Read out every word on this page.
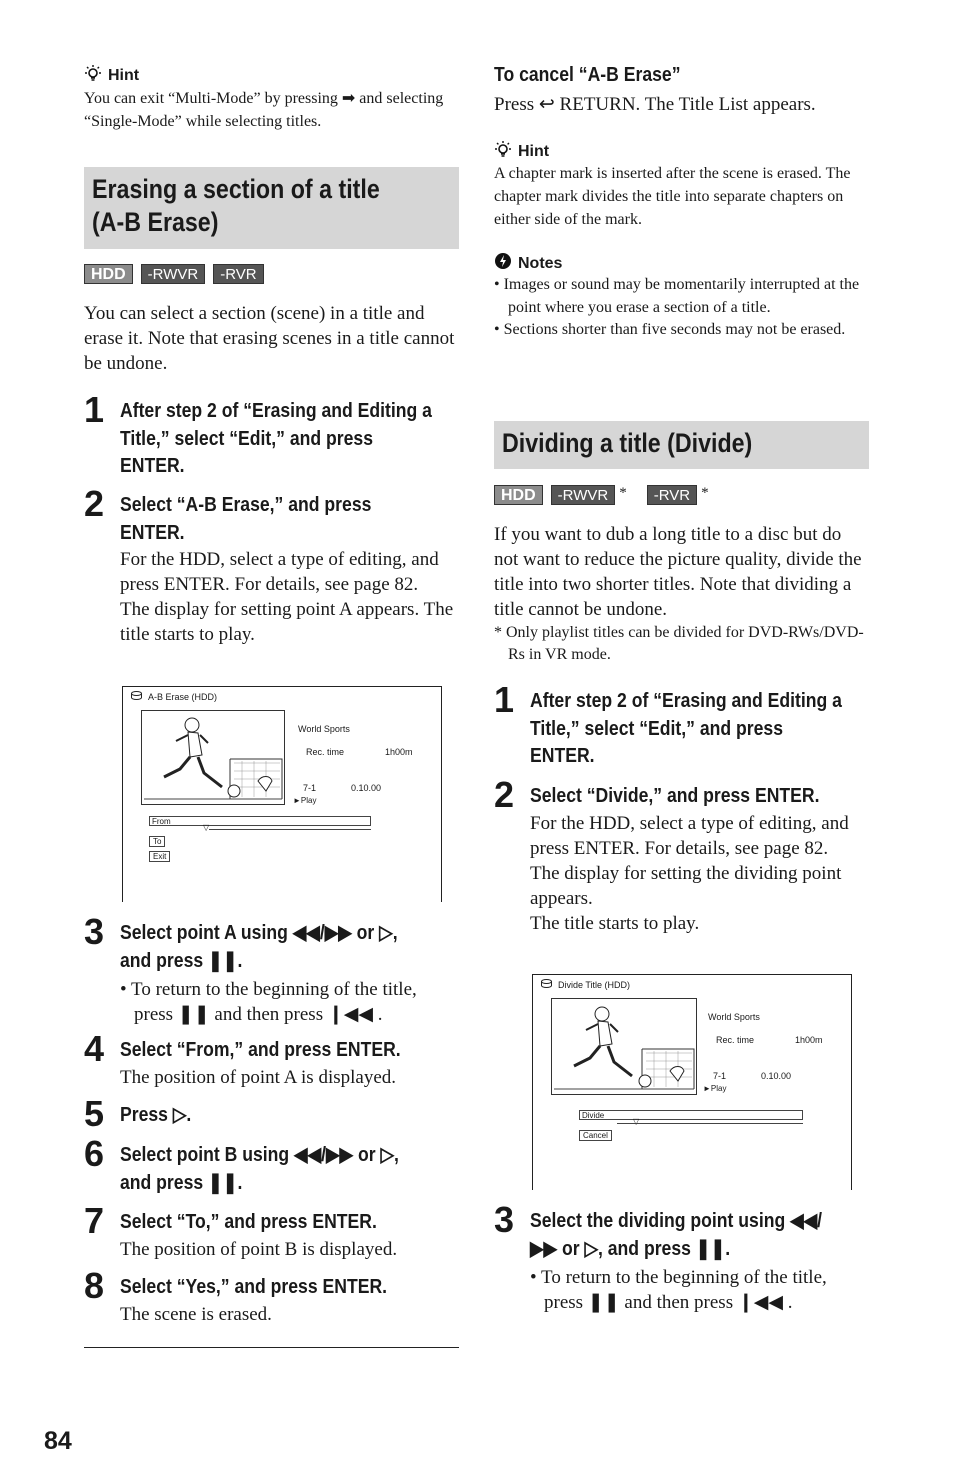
Hint
You can exit “Multi-Mode” by pressing ➡ and selecting “Single-Mode” while selecting titles.
Erasing a section of a title
(A-B Erase)
HDD	-RWVR	-RVR
You can select a section (scene) in a title and erase it. Note that erasing scenes in a title cannot be undone.
1 After step 2 of “Erasing and Editing a
Title,” select “Edit,” and press
ENTER.
2 Select “A-B Erase,” and press
ENTER.
For the HDD, select a type of editing, and press ENTER. For details, see page 82.
The display for setting point A appears. The title starts to play.
A-B Erase (HDD)
World Sports
Rec. time	1h00m
7-1	0.10.00
►Play
▽
From
To
Exit
3 Select point A using ◀◀/▶▶ or ▷,
and press ❚❚.
• To return to the beginning of the title, press ❚❚ and then press ❙◀◀ .
4 Select “From,” and press ENTER.
The position of point A is displayed.
5 Press ▷.
6 Select point B using ◀◀/▶▶ or ▷,
and press ❚❚.
7 Select “To,” and press ENTER.
The position of point B is displayed.
8 Select “Yes,” and press ENTER.
The scene is erased.
To cancel “A-B Erase”
Press ↩ RETURN. The Title List appears.
Hint
A chapter mark is inserted after the scene is erased. The chapter mark divides the title into separate chapters on either side of the mark.
Notes
• Images or sound may be momentarily interrupted at the point where you erase a section of a title.
• Sections shorter than five seconds may not be erased.
Dividing a title (Divide)
HDD	-RWVR *	-RVR *
If you want to dub a long title to a disc but do not want to reduce the picture quality, divide the title into two shorter titles. Note that dividing a title cannot be undone.
* Only playlist titles can be divided for DVD-RWs/DVD-Rs in VR mode.
1 After step 2 of “Erasing and Editing a
Title,” select “Edit,” and press
ENTER.
2 Select “Divide,” and press ENTER.
For the HDD, select a type of editing, and press ENTER. For details, see page 82.
The display for setting the dividing point appears.
The title starts to play.
Divide Title (HDD)
World Sports
Rec. time	1h00m
7-1	0.10.00
►Play
▽
Divide
Cancel
3 Select the dividing point using ◀◀/
▶▶ or ▷, and press ❚❚.
• To return to the beginning of the title, press ❚❚ and then press ❙◀◀ .
84
